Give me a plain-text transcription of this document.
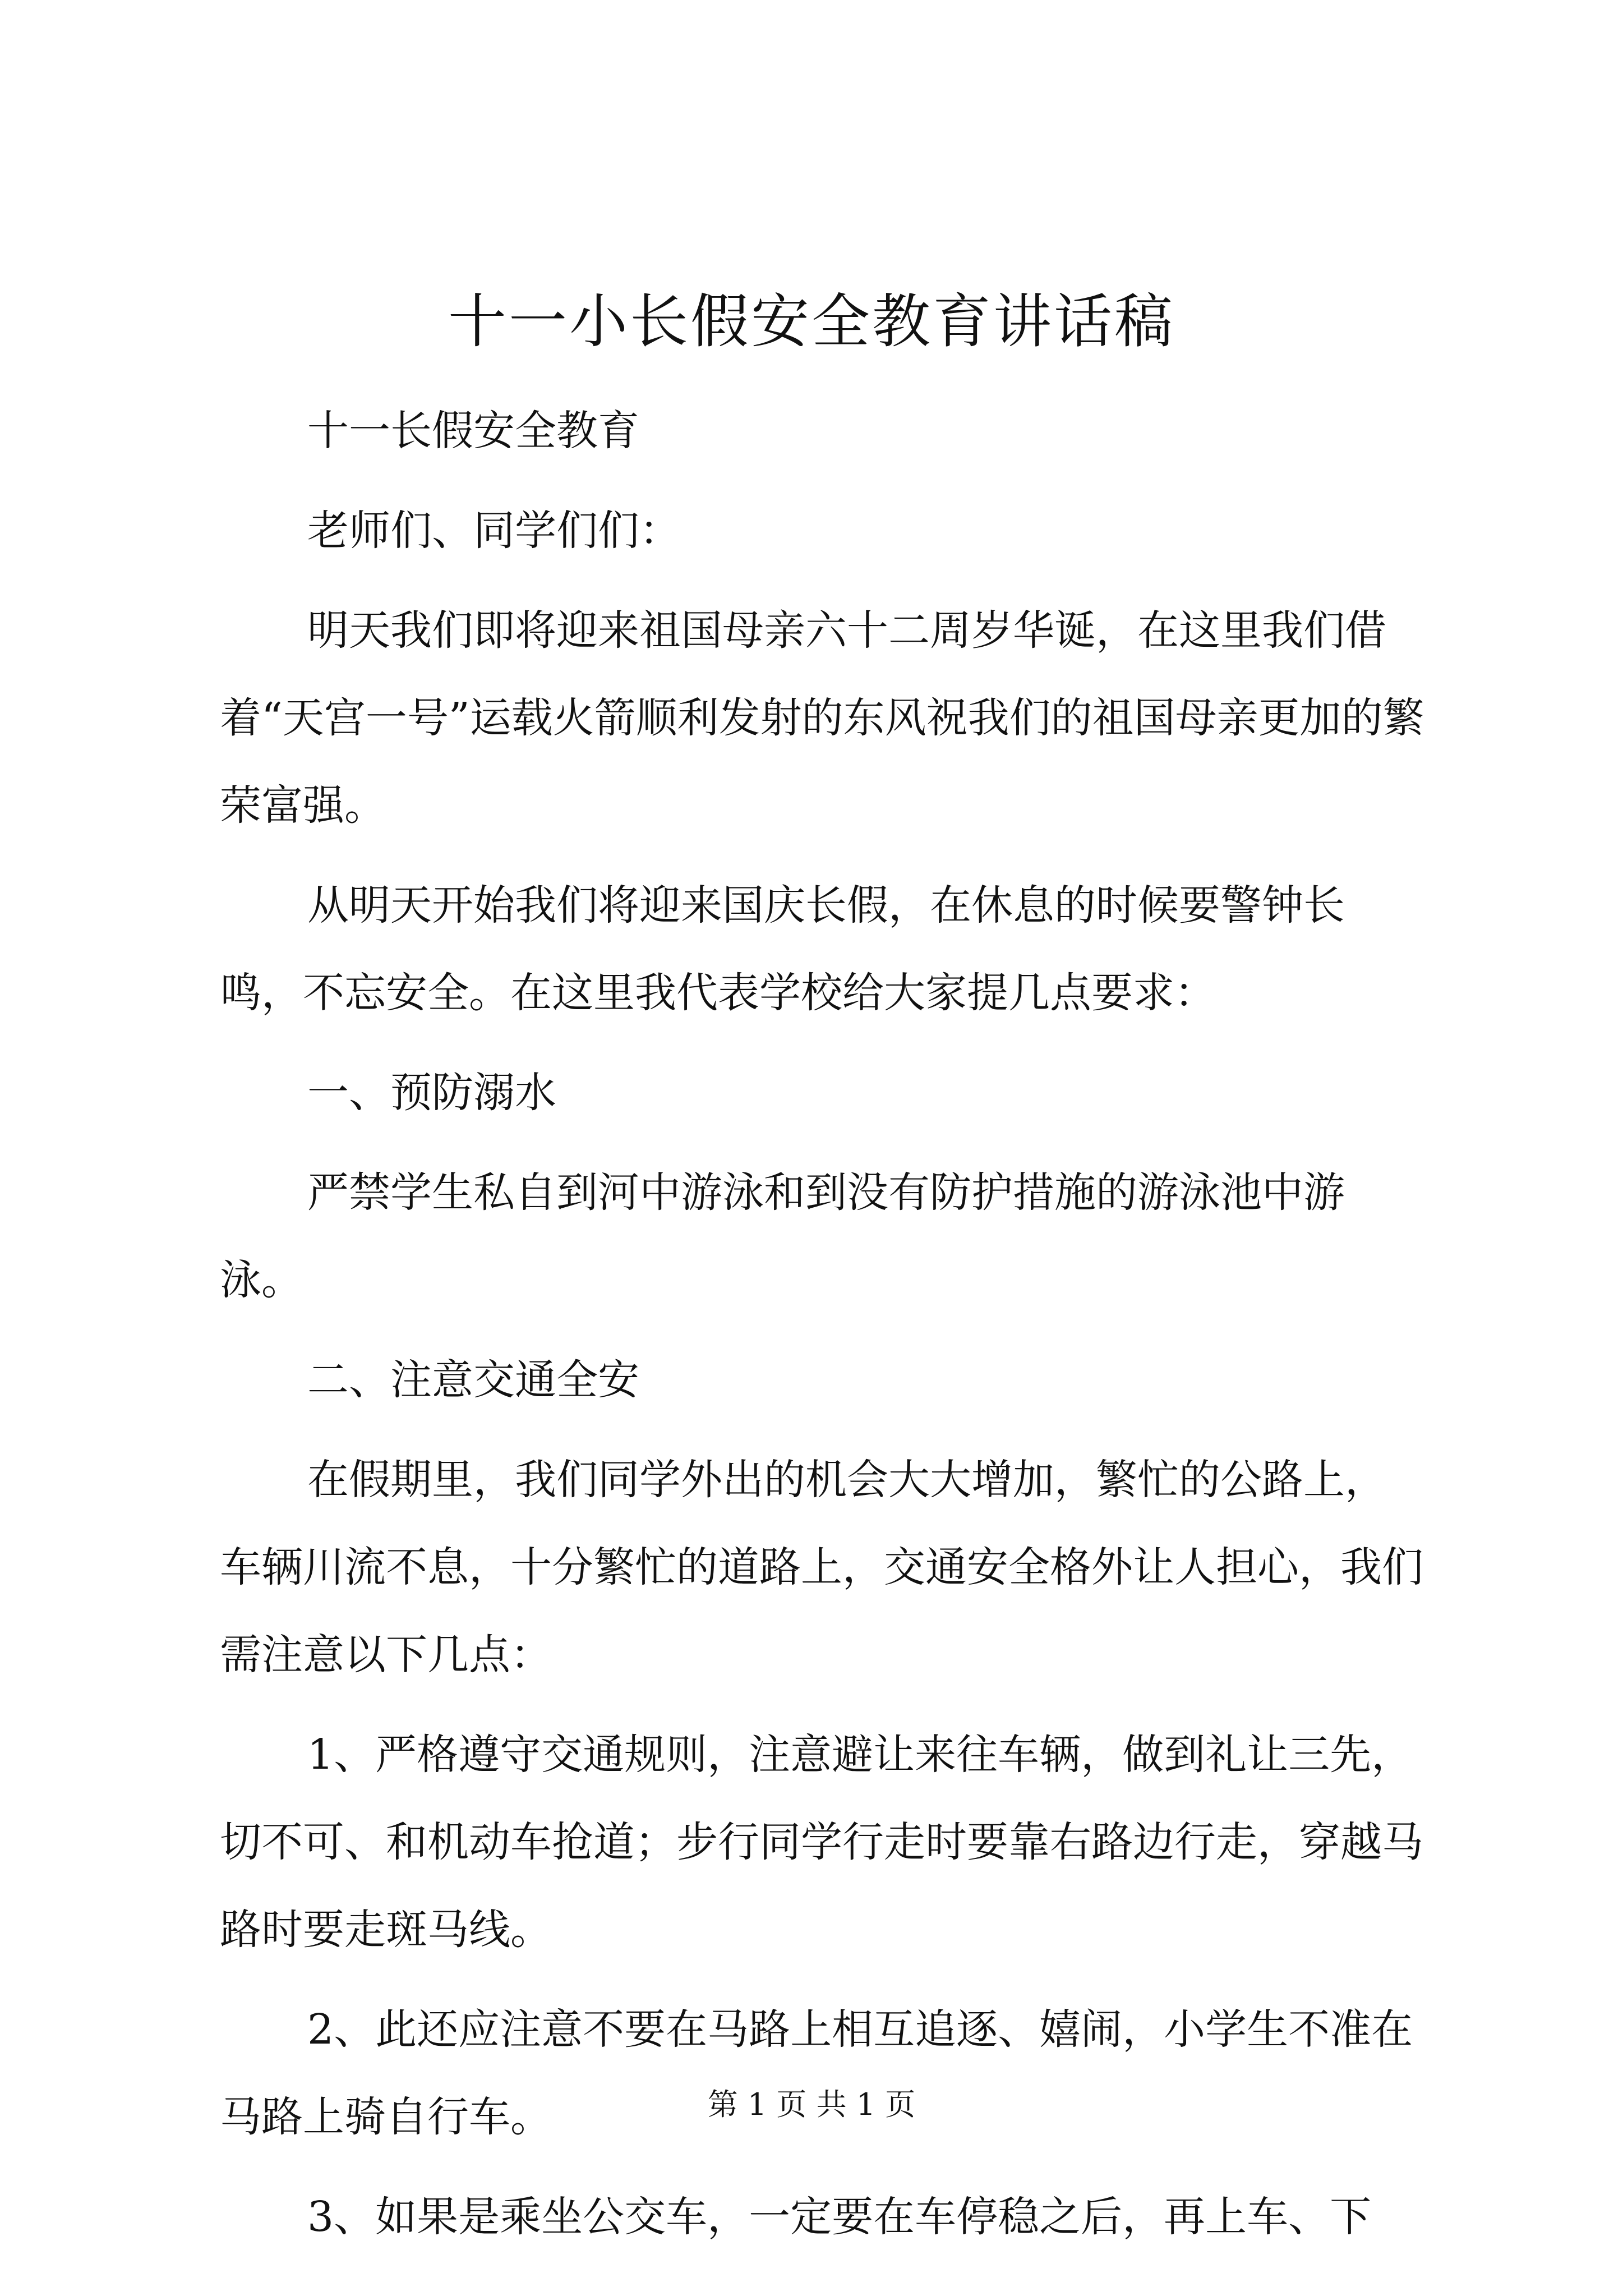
十一小长假安全教育讲话稿

十一长假安全教育

老师们、同学们们：

明天我们即将迎来祖国母亲六十二周岁华诞，在这里我们借着“天宫一号”运载火箭顺利发射的东风祝我们的祖国母亲更加的繁荣富强。

从明天开始我们将迎来国庆长假，在休息的时候要警钟长鸣，不忘安全。在这里我代表学校给大家提几点要求：

一、预防溺水

严禁学生私自到河中游泳和到没有防护措施的游泳池中游泳。

二、注意交通全安

在假期里，我们同学外出的机会大大增加，繁忙的公路上，车辆川流不息，十分繁忙的道路上，交通安全格外让人担心，我们需注意以下几点：

1、严格遵守交通规则，注意避让来往车辆，做到礼让三先，切不可、和机动车抢道；步行同学行走时要靠右路边行走，穿越马路时要走斑马线。

2、此还应注意不要在马路上相互追逐、嬉闹，小学生不准在马路上骑自行车。

3、如果是乘坐公交车，一定要在车停稳之后，再上车、下

第 1 页 共 1 页
